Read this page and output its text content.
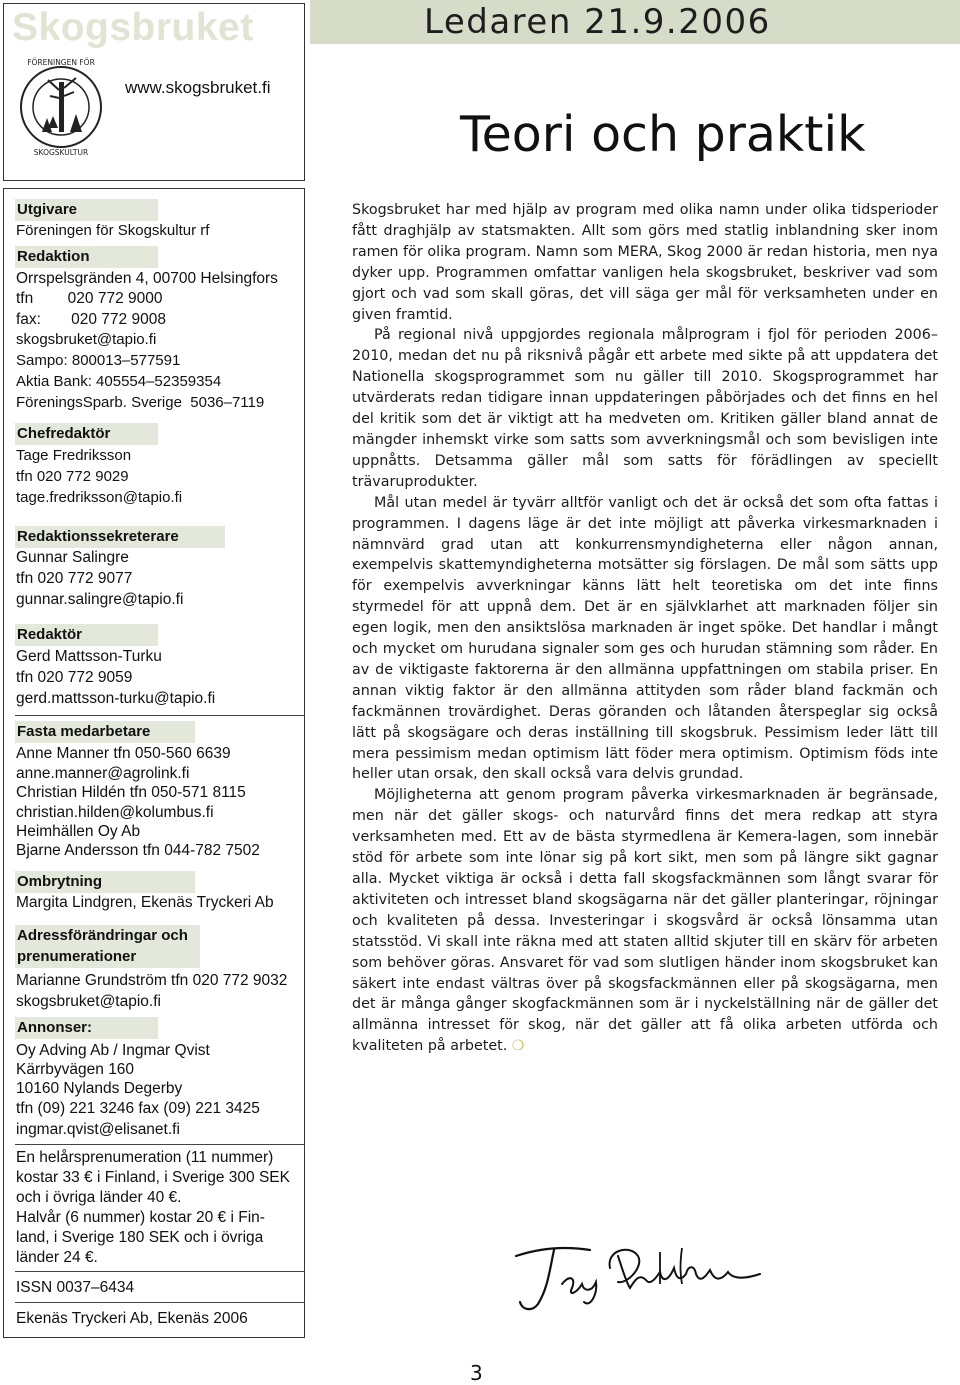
Skogsbruket
www.skogsbruket.fi
FÖRENINGEN FÖR
SKOGSKULTUR
Ledaren 21.9.2006
Teori och praktik
Utgivare
Föreningen för Skogskultur rf
Redaktion
Orrspelsgränden 4, 00700 Helsingfors
tfn        020 772 9000
fax:       020 772 9008
skogsbruket@tapio.fi
Sampo: 800013–577591
Aktia Bank: 405554–52359354
FöreningsSparb. Sverige  5036–7119
Chefredaktör
Tage Fredriksson
tfn 020 772 9029
tage.fredriksson@tapio.fi
Redaktionssekreterare
Gunnar Salingre
tfn 020 772 9077
gunnar.salingre@tapio.fi
Redaktör
Gerd Mattsson-Turku
tfn 020 772 9059
gerd.mattsson-turku@tapio.fi
Fasta medarbetare
Anne Manner tfn 050-560 6639
anne.manner@agrolink.fi
Christian Hildén tfn 050-571 8115
christian.hilden@kolumbus.fi
Heimhällen Oy Ab
Bjarne Andersson tfn 044-782 7502
Ombrytning
Margita Lindgren, Ekenäs Tryckeri Ab
Adressförändringar och
prenumerationer
Marianne Grundström tfn 020 772 9032
skogsbruket@tapio.fi
Annonser:
Oy Adving Ab / Ingmar Qvist
Kärrbyvägen 160
10160 Nylands Degerby
tfn (09) 221 3246 fax (09) 221 3425
ingmar.qvist@elisanet.fi
En helårsprenumeration (11 nummer)
kostar 33 € i Finland, i Sverige 300 SEK
och i övriga länder 40 €.
Halvår (6 nummer) kostar 20 € i Fin-
land, i Sverige 180 SEK och i övriga
länder 24 €.
ISSN 0037–6434
Ekenäs Tryckeri Ab, Ekenäs 2006

Skogsbruket har med hjälp av program med olika namn under olika tidsperioder fått draghjälp av statsmakten. Allt som görs med statlig inblandning sker inom ramen för olika program. Namn som MERA, Skog 2000 är redan historia, men nya dyker upp. Programmen omfattar vanligen hela skogsbruket, beskriver vad som gjort och vad som skall göras, det vill säga ger mål för verksamheten under en given framtid.

På regional nivå uppgjordes regionala målprogram i fjol för perioden 2006–2010, medan det nu på riksnivå pågår ett arbete med sikte på att uppdatera det Nationella skogsprogrammet som nu gäller till 2010. Skogsprogrammet har utvärderats redan tidigare innan uppdateringen påbörjades och det finns en hel del kritik som det är viktigt att ha medveten om. Kritiken gäller bland annat de mängder inhemskt virke som satts som avverkningsmål och som bevisligen inte uppnåtts. Detsamma gäller mål som satts för förädlingen av speciellt trävaruprodukter.

Mål utan medel är tyvärr alltför vanligt och det är också det som ofta fattas i programmen. I dagens läge är det inte möjligt att påverka virkesmarknaden i nämnvärd grad utan att konkurrensmyndigheterna eller någon annan, exempelvis skattemyndigheterna motsätter sig förslagen. De mål som sätts upp för exempelvis avverkningar känns lätt helt teoretiska om det inte finns styrmedel för att uppnå dem. Det är en självklarhet att marknaden följer sin egen logik, men den ansiktslösa marknaden är inget spöke. Det handlar i mångt och mycket om hurudana signaler som ges och hurudan stämning som råder. En av de viktigaste faktorerna är den allmänna uppfattningen om stabila priser. En annan viktig faktor är den allmänna attityden som råder bland fackmän och fackmännen trovärdighet. Deras göranden och låtanden återspeglar sig också lätt på skogsägare och deras inställning till skogsbruk. Pessimism leder lätt till mera pessimism medan optimism lätt föder mera optimism. Optimism föds inte heller utan orsak, den skall också vara delvis grundad.

Möjligheterna att genom program påverka virkesmarknaden är begränsade, men när det gäller skogs- och naturvård finns det mera redkap att styra verksamheten med. Ett av de bästa styrmedlena är Kemera-lagen, som innebär stöd för arbete som inte lönar sig på kort sikt, men som på längre sikt gagnar alla. Mycket viktiga är också i detta fall skogsfackmännen som långt svarar för aktiviteten och intresset bland skogsägarna när det gäller planteringar, röjningar och kvaliteten på dessa. Investeringar i skogsvård är också lönsamma utan statsstöd. Vi skall inte räkna med att staten alltid skjuter till en skärv för arbeten som behöver göras. Ansvaret för vad som slutligen händer inom skogsbruket kan säkert inte endast vältras över på skogsfackmännen eller på skogsägarna, men det är många gånger skogfackmännen som är i nyckelställning när de gäller det allmänna intresset för skog, när det gäller att få olika arbeten utförda och kvaliteten på arbetet. ❍

3
